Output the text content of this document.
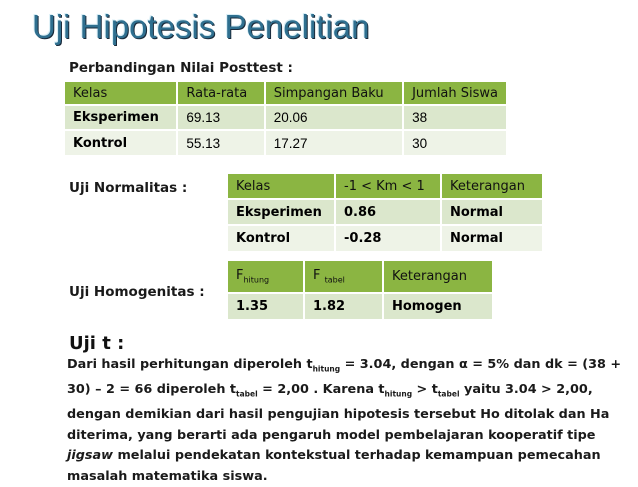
Uji Hipotesis Penelitian
Perbandingan Nilai Posttest :
Kelas	Rata-rata	Simpangan Baku	Jumlah Siswa
Eksperimen	69.13	20.06	38
Kontrol	55.13	17.27	30
Uji Normalitas :	Kelas	-1 < Km < 1	Keterangan
Eksperimen	0.86	Normal
Kontrol	-0.28	Normal
Uji Homogenitas :
$F_{hitung}$	F $_{tabel}$	Keterangan
1.35	1.82	Homogen
Uji t :
Dari hasil perhitungan diperoleh $t_{hitung} = 3.04$, dengan α = 5% dan dk = (38 + 30) – 2 = 66 diperoleh $t_{tabel} = 2,00$ . Karena $t_{hitung} > t_{tabel}$ yaitu 3.04 > 2,00, dengan demikian dari hasil pengujian hipotesis tersebut Ho ditolak dan Ha diterima, yang berarti ada pengaruh model pembelajaran kooperatif tipe jigsaw melalui pendekatan kontekstual terhadap kemampuan pemecahan masalah matematika siswa.
